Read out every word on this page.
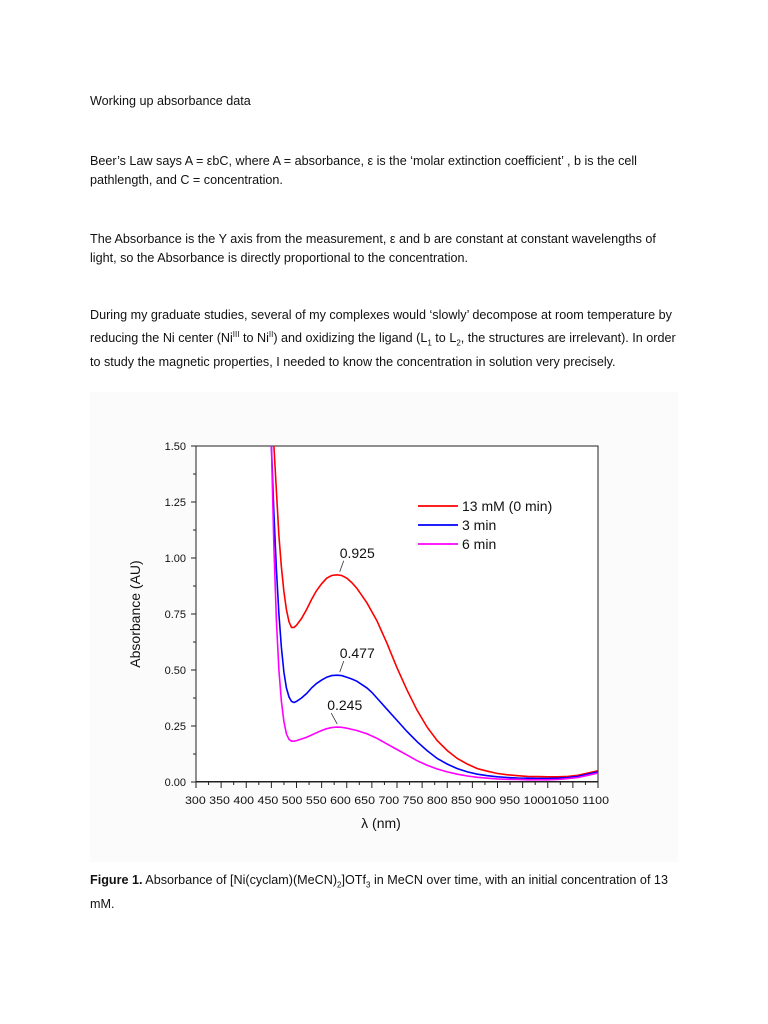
Working up absorbance data

Beer’s Law says A = εbC, where A = absorbance, ε is the ‘molar extinction coefficient’ , b is the cell pathlength, and C = concentration.

The Absorbance is the Y axis from the measurement, ε and b are constant at constant wavelengths of light, so the Absorbance is directly proportional to the concentration.

During my graduate studies, several of my complexes would ‘slowly’ decompose at room temperature by reducing the Ni center ($Ni^{III}$ to $Ni^{II}$) and oxidizing the ligand ($L_1$ to $L_2$, the structures are irrelevant). In order to study the magnetic properties, I needed to know the concentration in solution very precisely.

0.00
0.25
0.50
0.75
1.00
1.25
1.50
300 350 400 450 500 550 600 650 700 750 800 850 900 950 10001050 1100
λ (nm)
Absorbance (AU)
0.925
0.477
0.245
13 mM (0 min)
3 min
6 min

Figure 1. Absorbance of $[Ni(cyclam)(MeCN)_2]OTf_3$ in MeCN over time, with an initial concentration of 13 mM.
